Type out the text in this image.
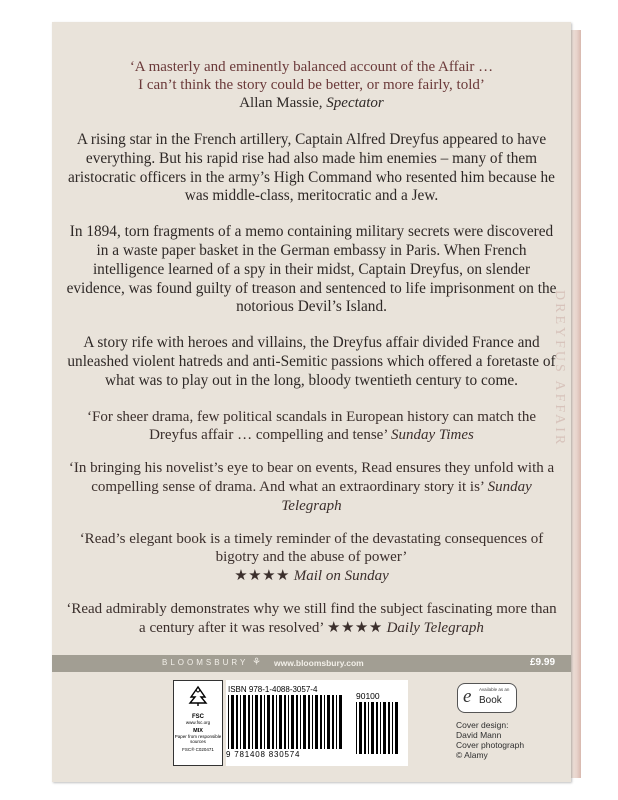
DREYFUS AFFAIR
‘A masterly and eminently balanced account of the Affair …
I can’t think the story could be better, or more fairly, told’
Allan Massie, Spectator

A rising star in the French artillery, Captain Alfred Dreyfus appeared to have everything. But his rapid rise had also made him enemies – many of them aristocratic officers in the army’s High Command who resented him because he was middle-class, meritocratic and a Jew.

In 1894, torn fragments of a memo containing military secrets were discovered in a waste paper basket in the German embassy in Paris. When French intelligence learned of a spy in their midst, Captain Dreyfus, on slender evidence, was found guilty of treason and sentenced to life imprisonment on the notorious Devil’s Island.

A story rife with heroes and villains, the Dreyfus affair divided France and unleashed violent hatreds and anti-Semitic passions which offered a foretaste of what was to play out in the long, bloody twentieth century to come.

‘For sheer drama, few political scandals in European history can match the Dreyfus affair … compelling and tense’ Sunday Times

‘In bringing his novelist’s eye to bear on events, Read ensures they unfold with a compelling sense of drama. And what an extraordinary story it is’ Sunday Telegraph

‘Read’s elegant book is a timely reminder of the devastating consequences of bigotry and the abuse of power’
★★★★ Mail on Sunday

‘Read admirably demonstrates why we still find the subject fascinating more than a century after it was resolved’ ★★★★ Daily Telegraph

BLOOMSBURY ⚘ www.bloomsbury.com	£9.99
FSC
www.fsc.org
MIX
Paper from responsible sources
FSC® C020471
ISBN 978-1-4088-3057-4
9 781408 830574
90100	e Available as an
Book
Cover design:
David Mann
Cover photograph
© Alamy
